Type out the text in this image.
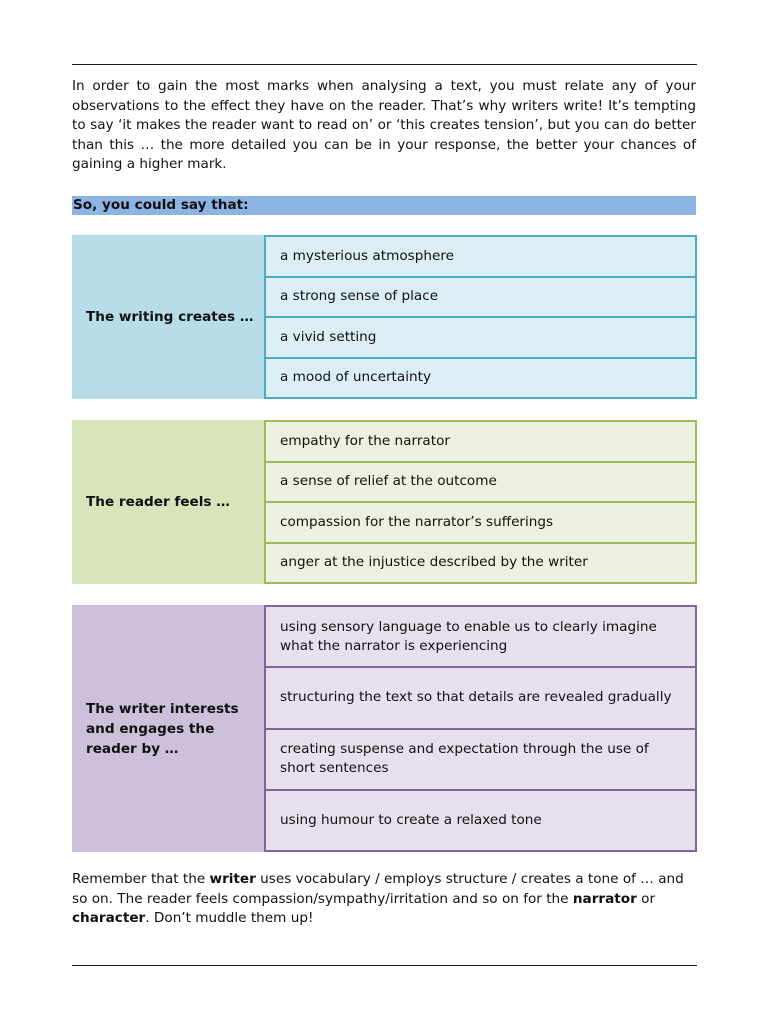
In order to gain the most marks when analysing a text, you must relate any of your observations to the effect they have on the reader. That’s why writers write! It’s tempting to say ‘it makes the reader want to read on’ or ‘this creates tension’, but you can do better than this … the more detailed you can be in your response, the better your chances of gaining a higher mark.

So, you could say that:
The writing creates …
a mysterious atmosphere
a strong sense of place
a vivid setting
a mood of uncertainty
The reader feels …
empathy for the narrator
a sense of relief at the outcome
compassion for the narrator’s sufferings
anger at the injustice described by the writer
The writer interests and engages the reader by …
using sensory language to enable us to clearly imagine what the narrator is experiencing
structuring the text so that details are revealed gradually
creating suspense and expectation through the use of short sentences
using humour to create a relaxed tone

Remember that the writer uses vocabulary / employs structure / creates a tone of … and so on. The reader feels compassion/sympathy/irritation and so on for the narrator or character. Don’t muddle them up!
